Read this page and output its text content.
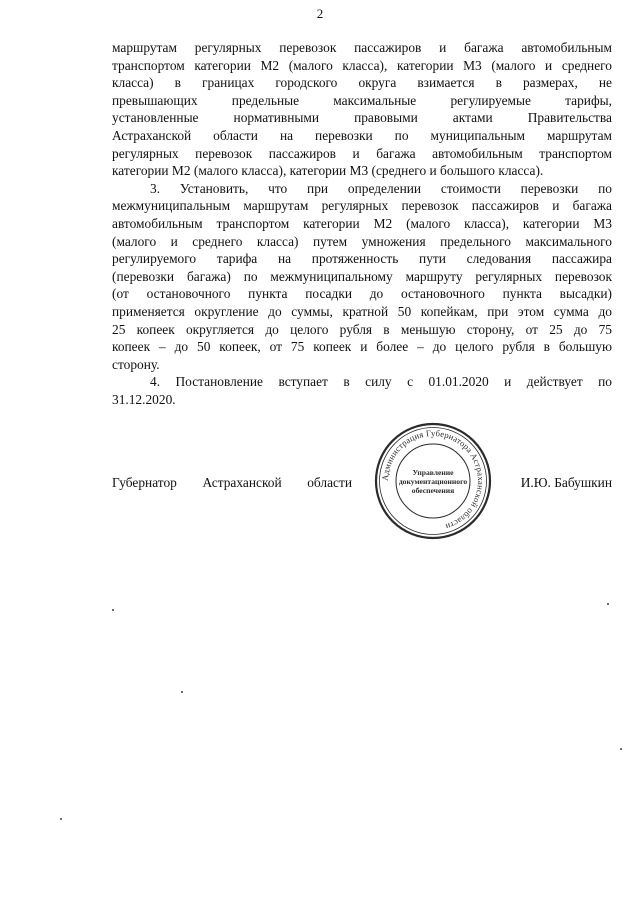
2
маршрутам регулярных перевозок пассажиров и багажа автомобильным
транспортом категории М2 (малого класса), категории М3 (малого и среднего
класса) в границах городского округа взимается в размерах, не
превышающих предельные максимальные регулируемые тарифы,
установленные нормативными правовыми актами Правительства
Астраханской области на перевозки по муниципальным маршрутам
регулярных перевозок пассажиров и багажа автомобильным транспортом
категории М2 (малого класса), категории М3 (среднего и большого класса).
3. Установить, что при определении стоимости перевозки по
межмуниципальным маршрутам регулярных перевозок пассажиров и багажа
автомобильным транспортом категории М2 (малого класса), категории М3
(малого и среднего класса) путем умножения предельного максимального
регулируемого тарифа на протяженность пути следования пассажира
(перевозки багажа) по межмуниципальному маршруту регулярных перевозок
(от остановочного пункта посадки до остановочного пункта высадки)
применяется округление до суммы, кратной 50 копейкам, при этом сумма до
25 копеек округляется до целого рубля в меньшую сторону, от 25 до 75
копеек – до 50 копеек, от 75 копеек и более – до целого рубля в большую
сторону.
4. Постановление вступает в силу с 01.01.2020 и действует по
31.12.2020.
Администрация Губернатора Астраханской области
Управление
документационного
обеспечения
Губернатор Астраханской области	И.Ю. Бабушкин
